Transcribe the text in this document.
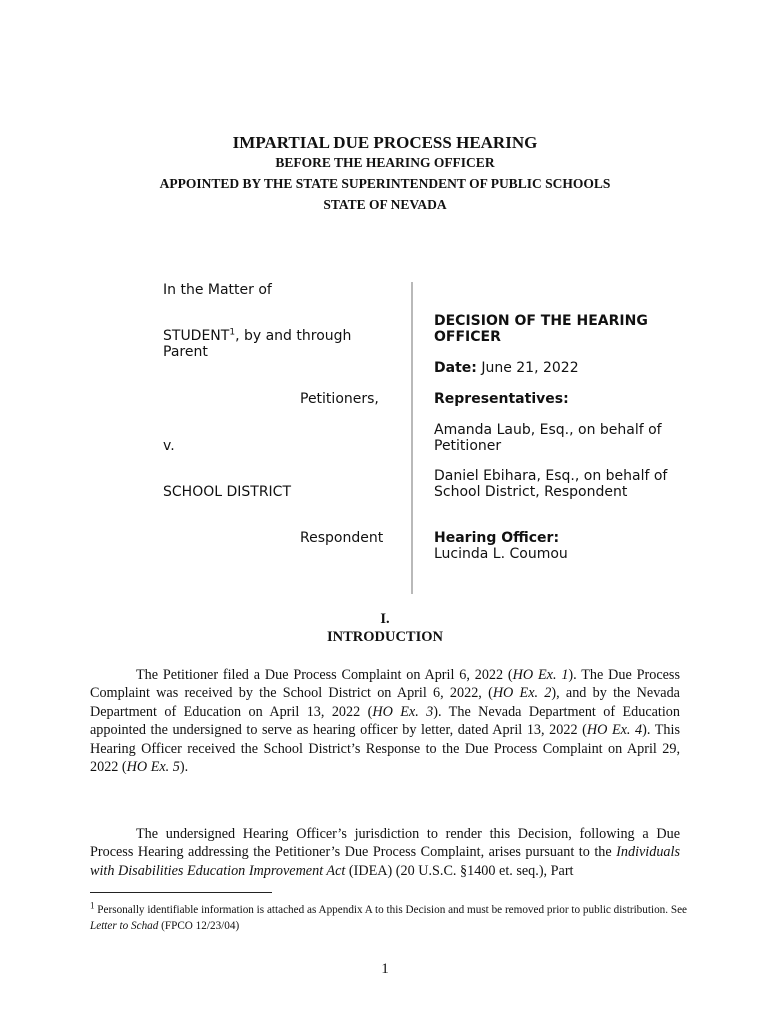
IMPARTIAL DUE PROCESS HEARING
BEFORE THE HEARING OFFICER
APPOINTED BY THE STATE SUPERINTENDENT OF PUBLIC SCHOOLS
STATE OF NEVADA
In the Matter of
STUDENT$^1$, by and through
Parent
Petitioners,
v.
SCHOOL DISTRICT
Respondent
DECISION OF THE HEARING
OFFICER
Date: June 21, 2022
Representatives:
Amanda Laub, Esq., on behalf of
Petitioner
Daniel Ebihara, Esq., on behalf of
School District, Respondent
Hearing Officer:
Lucinda L. Coumou
I.
INTRODUCTION
The Petitioner filed a Due Process Complaint on April 6, 2022 (HO Ex. 1). The Due Process Complaint was received by the School District on April 6, 2022, (HO Ex. 2), and by the Nevada Department of Education on April 13, 2022 (HO Ex. 3). The Nevada Department of Education appointed the undersigned to serve as hearing officer by letter, dated April 13, 2022 (HO Ex. 4). This Hearing Officer received the School District’s Response to the Due Process Complaint on April 29, 2022 (HO Ex. 5).
The undersigned Hearing Officer’s jurisdiction to render this Decision, following a Due Process Hearing addressing the Petitioner’s Due Process Complaint, arises pursuant to the Individuals with Disabilities Education Improvement Act (IDEA) (20 U.S.C. §1400 et. seq.), Part
$^1$ Personally identifiable information is attached as Appendix A to this Decision and must be removed prior to public distribution. See Letter to Schad (FPCO 12/23/04)
1
